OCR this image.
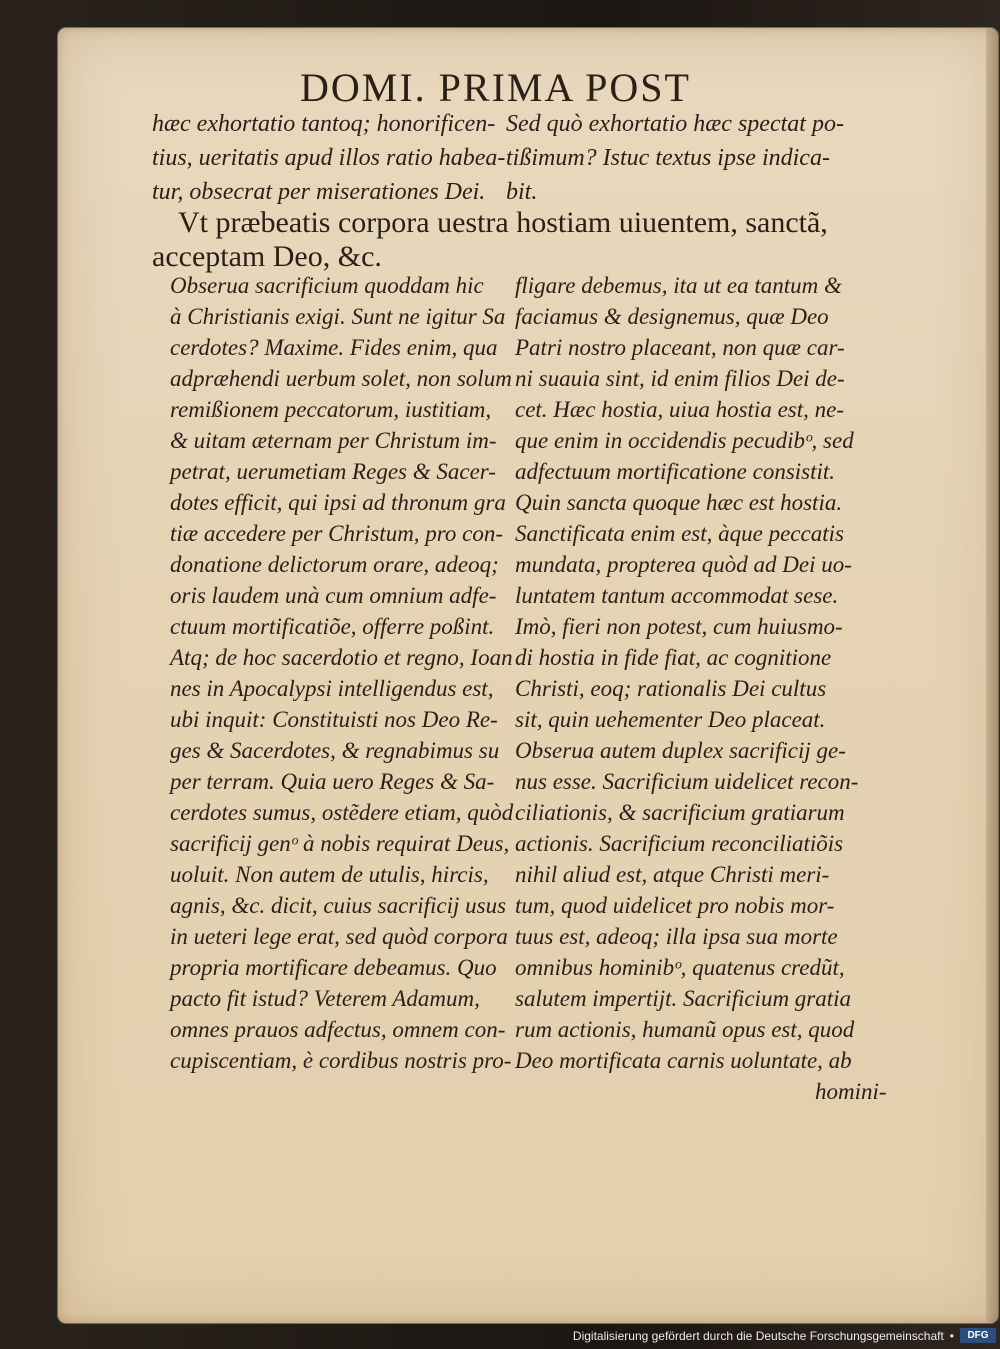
DOMI. PRIMA POST
hæc exhortatio tantoq; honorificen-
tius, ueritatis apud illos ratio habea-
tur, obsecrat per miserationes Dei.
Sed quò exhortatio hæc spectat po-
tißimum? Istuc textus ipse indica-
bit.
Vt præbeatis corpora uestra hostiam uiuentem, sanctã,
acceptam Deo, &c.
Obserua sacrificium quoddam hic
à Christianis exigi. Sunt ne igitur Sa
cerdotes? Maxime. Fides enim, qua
adpræhendi uerbum solet, non solum
remißionem peccatorum, iustitiam,
& uitam æternam per Christum im-
petrat, uerumetiam Reges & Sacer-
dotes efficit, qui ipsi ad thronum gra
tiæ accedere per Christum, pro con-
donatione delictorum orare, adeoq;
oris laudem unà cum omnium adfe-
ctuum mortificatiõe, offerre poßint.
Atq; de hoc sacerdotio et regno, Ioan
nes in Apocalypsi intelligendus est,
ubi inquit: Constituisti nos Deo Re-
ges & Sacerdotes, & regnabimus su
per terram. Quia uero Reges & Sa-
cerdotes sumus, ostẽdere etiam, quòd
sacrificij genᵒ à nobis requirat Deus,
uoluit. Non autem de utulis, hircis,
agnis, &c. dicit, cuius sacrificij usus
in ueteri lege erat, sed quòd corpora
propria mortificare debeamus. Quo
pacto fit istud? Veterem Adamum,
omnes prauos adfectus, omnem con-
cupiscentiam, è cordibus nostris pro-
fligare debemus, ita ut ea tantum &
faciamus & designemus, quæ Deo
Patri nostro placeant, non quæ car-
ni suauia sint, id enim filios Dei de-
cet. Hæc hostia, uiua hostia est, ne-
que enim in occidendis pecudibᵒ, sed
adfectuum mortificatione consistit.
Quin sancta quoque hæc est hostia.
Sanctificata enim est, àque peccatis
mundata, propterea quòd ad Dei uo-
luntatem tantum accommodat sese.
Imò, fieri non potest, cum huiusmo-
di hostia in fide fiat, ac cognitione
Christi, eoq; rationalis Dei cultus
sit, quin uehementer Deo placeat.
Obserua autem duplex sacrificij ge-
nus esse. Sacrificium uidelicet recon-
ciliationis, & sacrificium gratiarum
actionis. Sacrificium reconciliatiõis
nihil aliud est, atque Christi meri-
tum, quod uidelicet pro nobis mor-
tuus est, adeoq; illa ipsa sua morte
omnibus hominibᵒ, quatenus credũt,
salutem impertijt. Sacrificium gratia
rum actionis, humanũ opus est, quod
Deo mortificata carnis uoluntate, ab
homini-
Digitalisierung gefördert durch die Deutsche Forschungsgemeinschaft •	DFG
